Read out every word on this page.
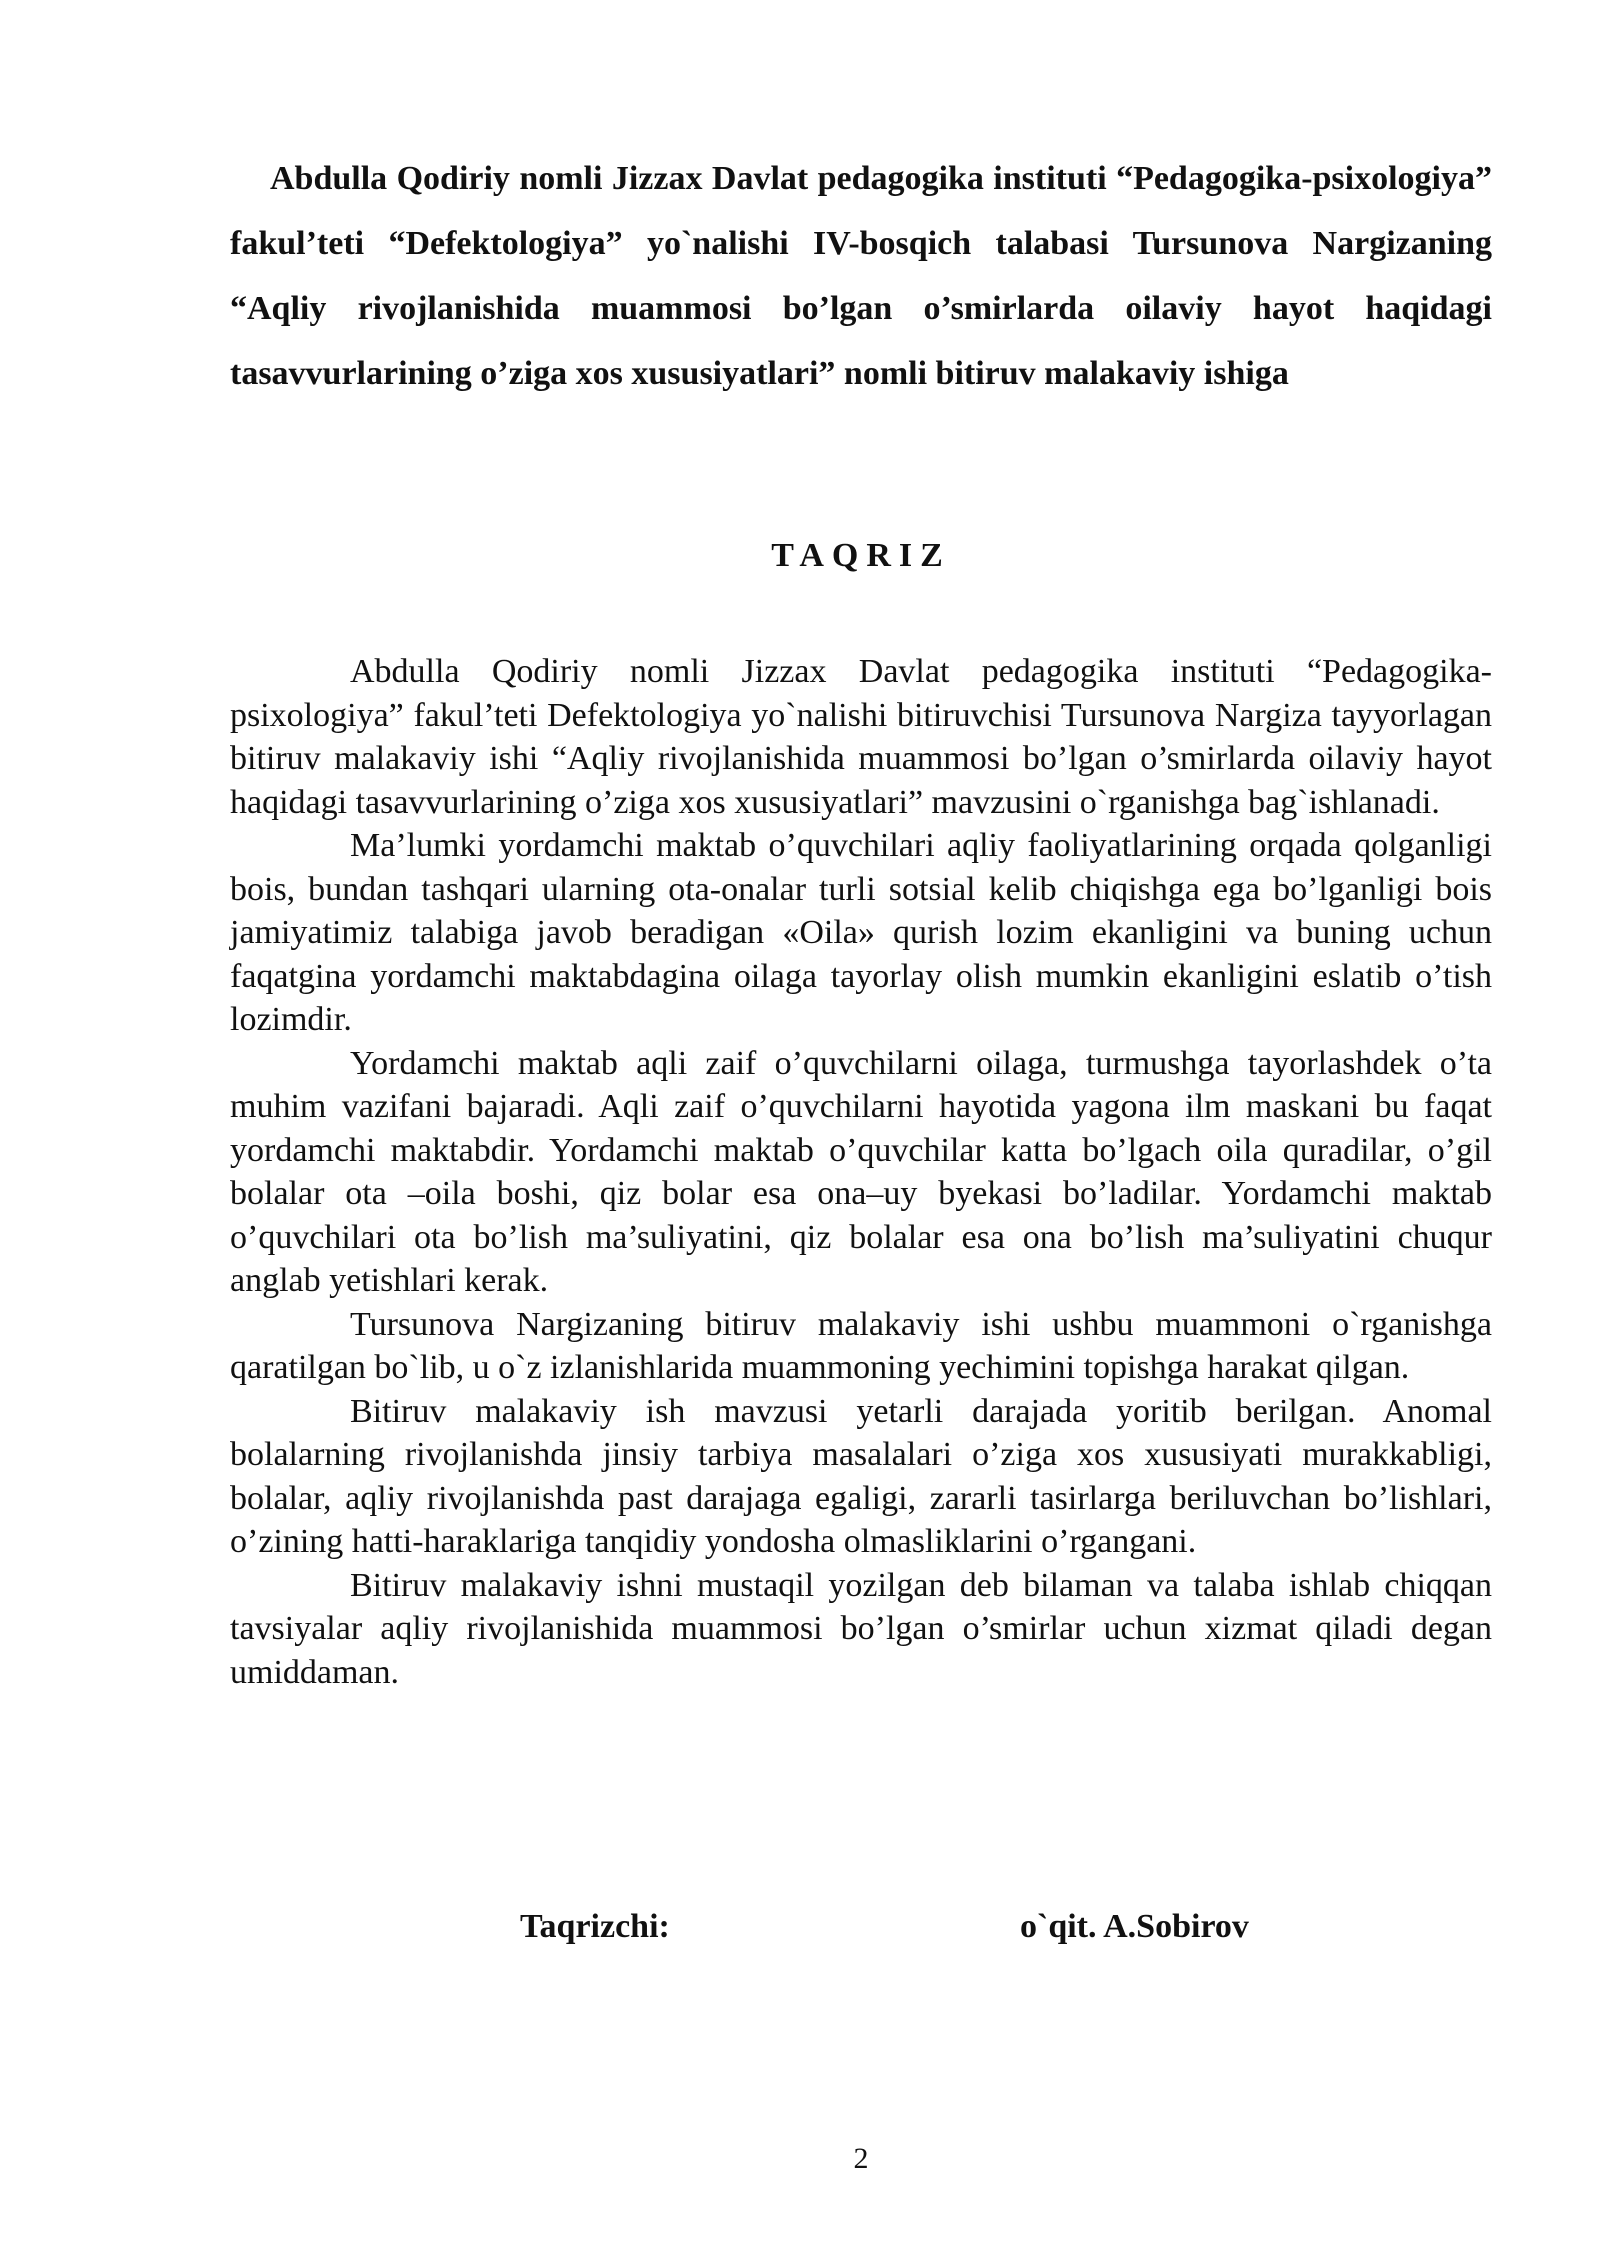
Abdulla Qodiriy nomli Jizzax Davlat pedagogika instituti “Pedagogika-psixologiya” fakul’teti “Defektologiya” yo`nalishi IV-bosqich talabasi Tursunova Nargizaning “Aqliy rivojlanishida muammosi bo’lgan o’smirlarda oilaviy hayot haqidagi tasavvurlarining o’ziga xos xususiyatlari” nomli bitiruv malakaviy ishiga

TAQRIZ

Abdulla Qodiriy nomli Jizzax Davlat pedagogika instituti “Pedagogika-psixologiya” fakul’teti Defektologiya yo`nalishi bitiruvchisi Tursunova Nargiza tayyorlagan bitiruv malakaviy ishi “Aqliy rivojlanishida muammosi bo’lgan o’smirlarda oilaviy hayot haqidagi tasavvurlarining o’ziga xos xususiyatlari” mavzusini o`rganishga bag`ishlanadi.

Ma’lumki yordamchi maktab o’quvchilari aqliy faoliyatlarining orqada qolganligi bois, bundan tashqari ularning ota-onalar turli sotsial kelib chiqishga ega bo’lganligi bois jamiyatimiz talabiga javob beradigan «Oila» qurish lozim ekanligini va buning uchun faqatgina yordamchi maktabdagina oilaga tayorlay olish mumkin ekanligini eslatib o’tish lozimdir.

Yordamchi maktab aqli zaif o’quvchilarni oilaga, turmushga tayorlashdek o’ta muhim vazifani bajaradi. Aqli zaif o’quvchilarni hayotida yagona ilm maskani bu faqat yordamchi maktabdir. Yordamchi maktab o’quvchilar katta bo’lgach oila quradilar, o’gil bolalar ota –oila boshi, qiz bolar esa ona–uy byekasi bo’ladilar. Yordamchi maktab o’quvchilari ota bo’lish ma’suliyatini, qiz bolalar esa ona bo’lish ma’suliyatini chuqur anglab yetishlari kerak.

Tursunova Nargizaning bitiruv malakaviy ishi ushbu muammoni o`rganishga qaratilgan bo`lib, u o`z izlanishlarida muammoning yechimini topishga harakat qilgan.

Bitiruv malakaviy ish mavzusi yetarli darajada yoritib berilgan. Anomal bolalarning rivojlanishda jinsiy tarbiya masalalari o’ziga xos xususiyati murakkabligi, bolalar, aqliy rivojlanishda past darajaga egaligi, zararli tasirlarga beriluvchan bo’lishlari, o’zining hatti-haraklariga tanqidiy yondosha olmasliklarini o’rgangani.

Bitiruv malakaviy ishni mustaqil yozilgan deb bilaman va talaba ishlab chiqqan tavsiyalar aqliy rivojlanishida muammosi bo’lgan o’smirlar uchun xizmat qiladi degan umiddaman.

Taqrizchi:	o`qit. A.Sobirov
2
